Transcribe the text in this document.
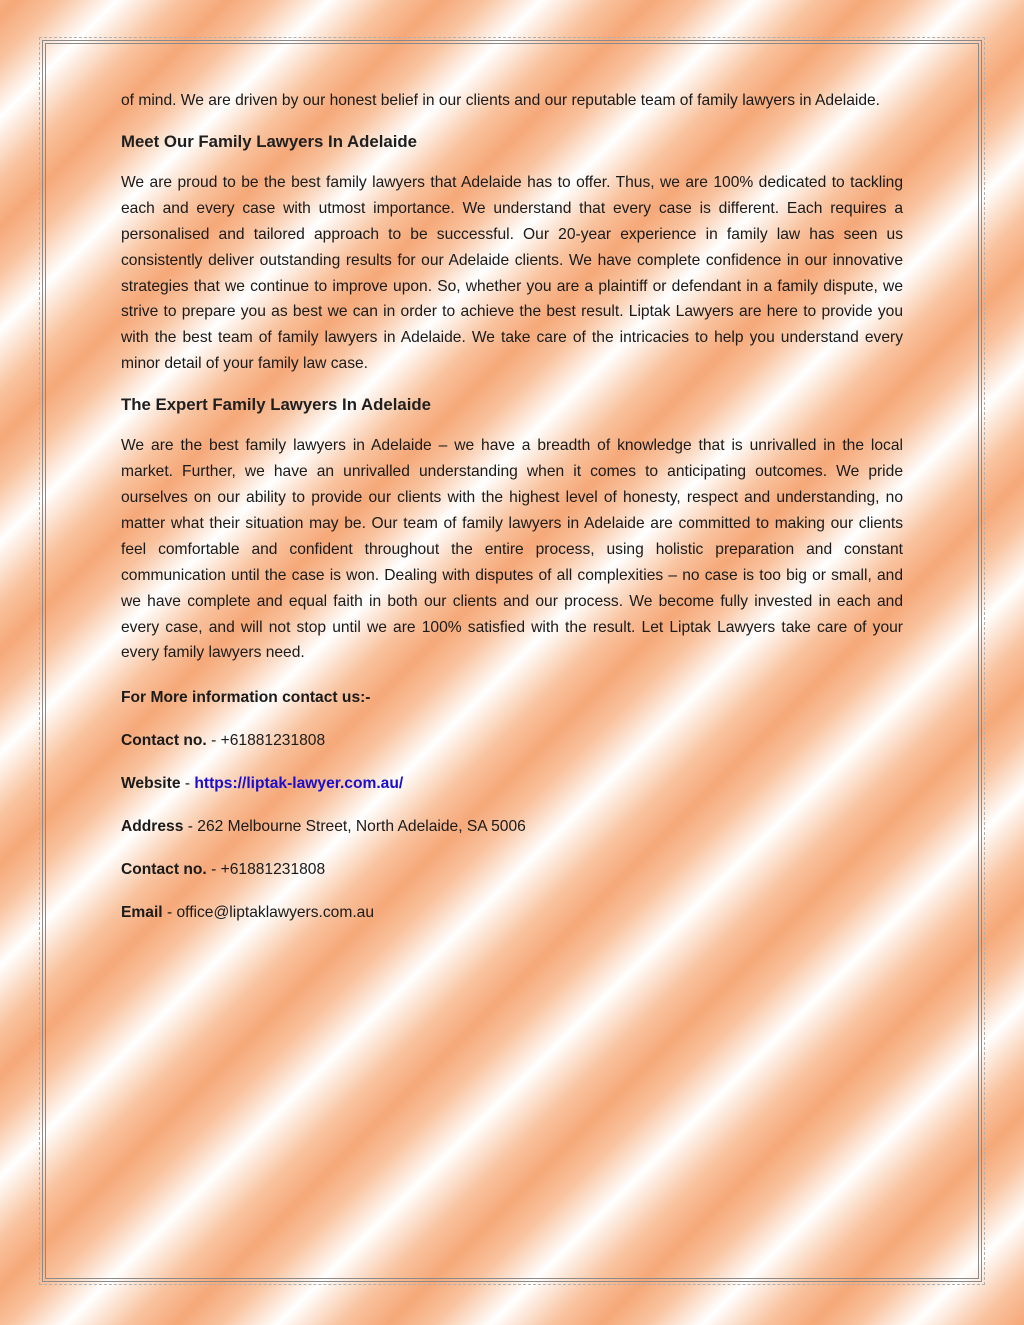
of mind. We are driven by our honest belief in our clients and our reputable team of family lawyers in Adelaide.

Meet Our Family Lawyers In Adelaide

We are proud to be the best family lawyers that Adelaide has to offer. Thus, we are 100% dedicated to tackling each and every case with utmost importance. We understand that every case is different. Each requires a personalised and tailored approach to be successful. Our 20-year experience in family law has seen us consistently deliver outstanding results for our Adelaide clients. We have complete confidence in our innovative strategies that we continue to improve upon. So, whether you are a plaintiff or defendant in a family dispute, we strive to prepare you as best we can in order to achieve the best result. Liptak Lawyers are here to provide you with the best team of family lawyers in Adelaide. We take care of the intricacies to help you understand every minor detail of your family law case.

The Expert Family Lawyers In Adelaide

We are the best family lawyers in Adelaide – we have a breadth of knowledge that is unrivalled in the local market. Further, we have an unrivalled understanding when it comes to anticipating outcomes. We pride ourselves on our ability to provide our clients with the highest level of honesty, respect and understanding, no matter what their situation may be. Our team of family lawyers in Adelaide are committed to making our clients feel comfortable and confident throughout the entire process, using holistic preparation and constant communication until the case is won. Dealing with disputes of all complexities – no case is too big or small, and we have complete and equal faith in both our clients and our process. We become fully invested in each and every case, and will not stop until we are 100% satisfied with the result. Let Liptak Lawyers take care of your every family lawyers need.

For More information contact us:-

Contact no. - +61881231808

Website - https://liptak-lawyer.com.au/

Address - 262 Melbourne Street, North Adelaide, SA 5006

Contact no. - +61881231808

Email - office@liptaklawyers.com.au
